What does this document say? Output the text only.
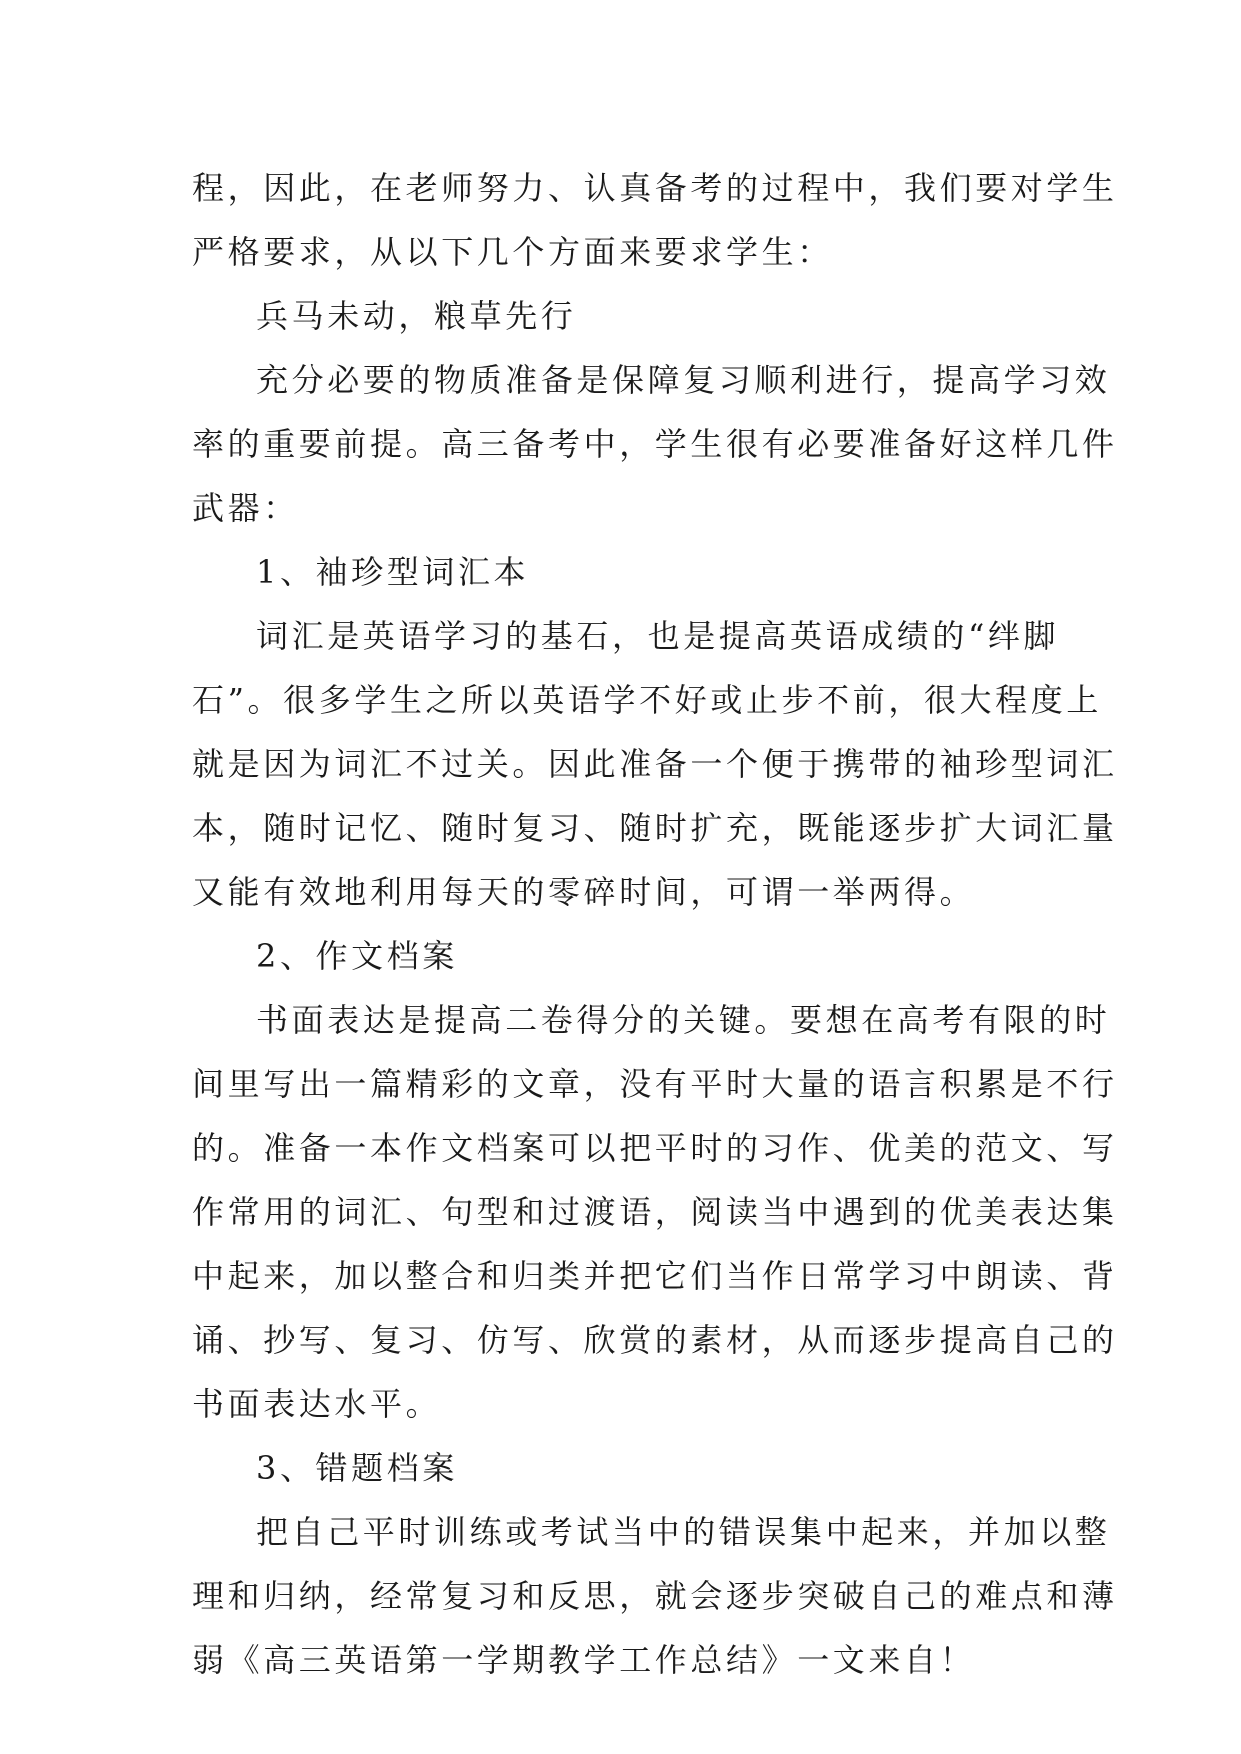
程，因此，在老师努力、认真备考的过程中，我们要对学生
严格要求，从以下几个方面来要求学生：
兵马未动，粮草先行
充分必要的物质准备是保障复习顺利进行，提高学习效
率的重要前提。高三备考中，学生很有必要准备好这样几件
武器：
1、袖珍型词汇本
词汇是英语学习的基石，也是提高英语成绩的“绊脚
石”。很多学生之所以英语学不好或止步不前，很大程度上
就是因为词汇不过关。因此准备一个便于携带的袖珍型词汇
本，随时记忆、随时复习、随时扩充，既能逐步扩大词汇量
又能有效地利用每天的零碎时间，可谓一举两得。
2、作文档案
书面表达是提高二卷得分的关键。要想在高考有限的时
间里写出一篇精彩的文章，没有平时大量的语言积累是不行
的。准备一本作文档案可以把平时的习作、优美的范文、写
作常用的词汇、句型和过渡语，阅读当中遇到的优美表达集
中起来，加以整合和归类并把它们当作日常学习中朗读、背
诵、抄写、复习、仿写、欣赏的素材，从而逐步提高自己的
书面表达水平。
3、错题档案
把自己平时训练或考试当中的错误集中起来，并加以整
理和归纳，经常复习和反思，就会逐步突破自己的难点和薄
弱《高三英语第一学期教学工作总结》一文来自！
